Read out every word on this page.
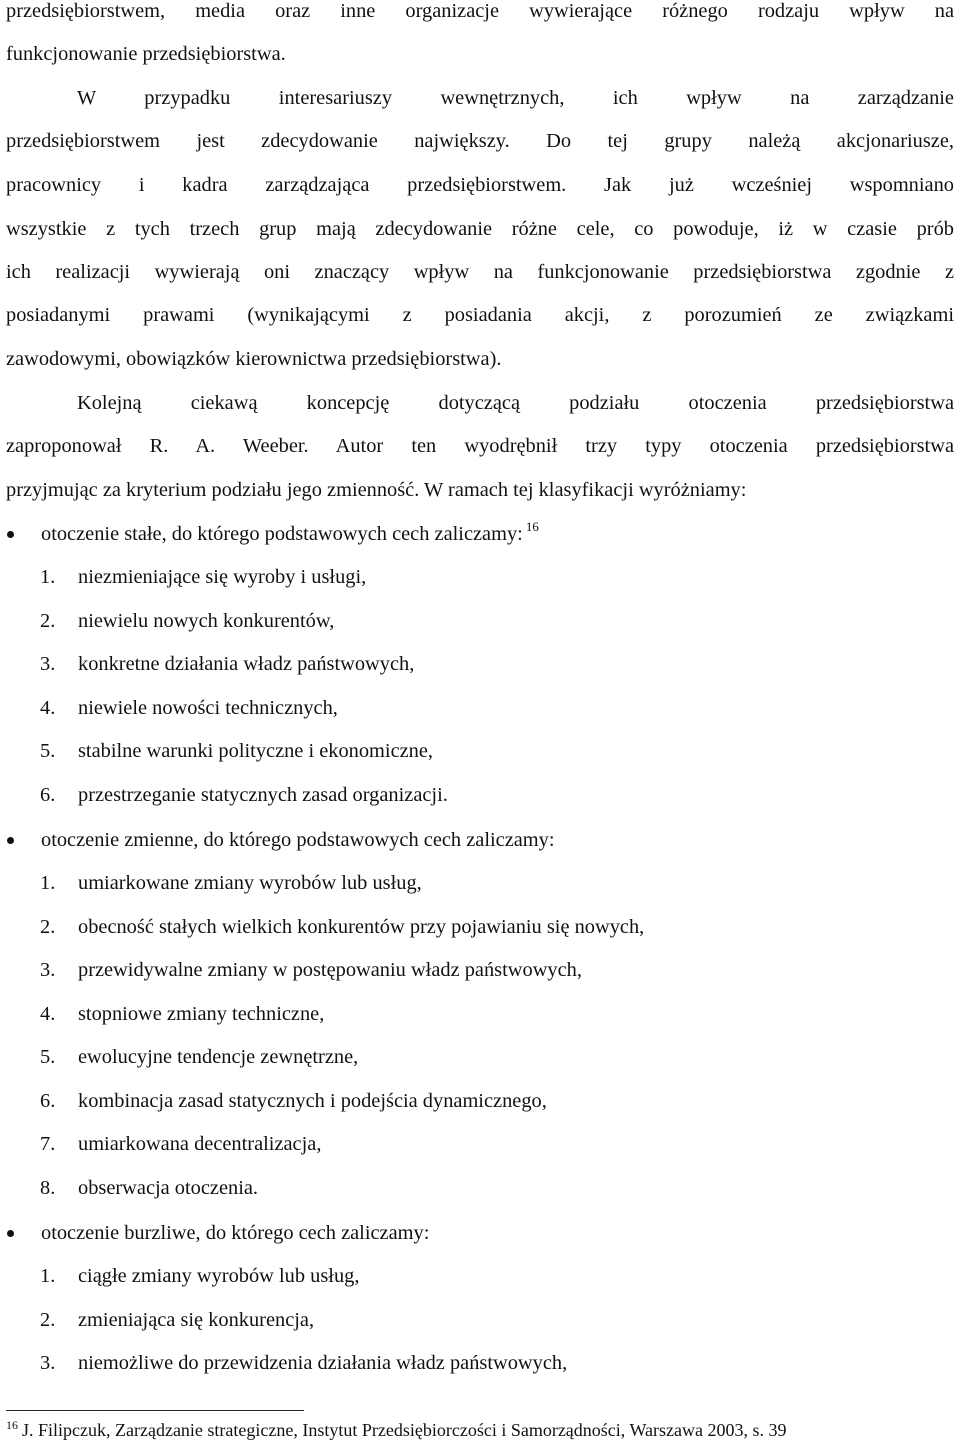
przedsiębiorstwem, media oraz inne organizacje wywierające różnego rodzaju wpływ na
funkcjonowanie przedsiębiorstwa.
W przypadku interesariuszy wewnętrznych, ich wpływ na zarządzanie
przedsiębiorstwem jest zdecydowanie największy. Do tej grupy należą akcjonariusze,
pracownicy i kadra zarządzająca przedsiębiorstwem. Jak już wcześniej wspomniano
wszystkie z tych trzech grup mają zdecydowanie różne cele, co powoduje, iż w czasie prób
ich realizacji wywierają oni znaczący wpływ na funkcjonowanie przedsiębiorstwa zgodnie z
posiadanymi prawami (wynikającymi z posiadania akcji, z porozumień ze związkami
zawodowymi, obowiązków kierownictwa przedsiębiorstwa).
Kolejną ciekawą koncepcję dotyczącą podziału otoczenia przedsiębiorstwa
zaproponował R. A. Weeber. Autor ten wyodrębnił trzy typy otoczenia przedsiębiorstwa
przyjmując za kryterium podziału jego zmienność. W ramach tej klasyfikacji wyróżniamy:
otoczenie stałe, do którego podstawowych cech zaliczamy: $^{16}$
1. niezmieniające się wyroby i usługi,
2. niewielu nowych konkurentów,
3. konkretne działania władz państwowych,
4. niewiele nowości technicznych,
5. stabilne warunki polityczne i ekonomiczne,
6. przestrzeganie statycznych zasad organizacji.
otoczenie zmienne, do którego podstawowych cech zaliczamy:
1. umiarkowane zmiany wyrobów lub usług,
2. obecność stałych wielkich konkurentów przy pojawianiu się nowych,
3. przewidywalne zmiany w postępowaniu władz państwowych,
4. stopniowe zmiany techniczne,
5. ewolucyjne tendencje zewnętrzne,
6. kombinacja zasad statycznych i podejścia dynamicznego,
7. umiarkowana decentralizacja,
8. obserwacja otoczenia.
otoczenie burzliwe, do którego cech zaliczamy:
1. ciągłe zmiany wyrobów lub usług,
2. zmieniająca się konkurencja,
3. niemożliwe do przewidzenia działania władz państwowych,
$^{16}$ J. Filipczuk, Zarządzanie strategiczne, Instytut Przedsiębiorczości i Samorządności, Warszawa 2003, s. 39
